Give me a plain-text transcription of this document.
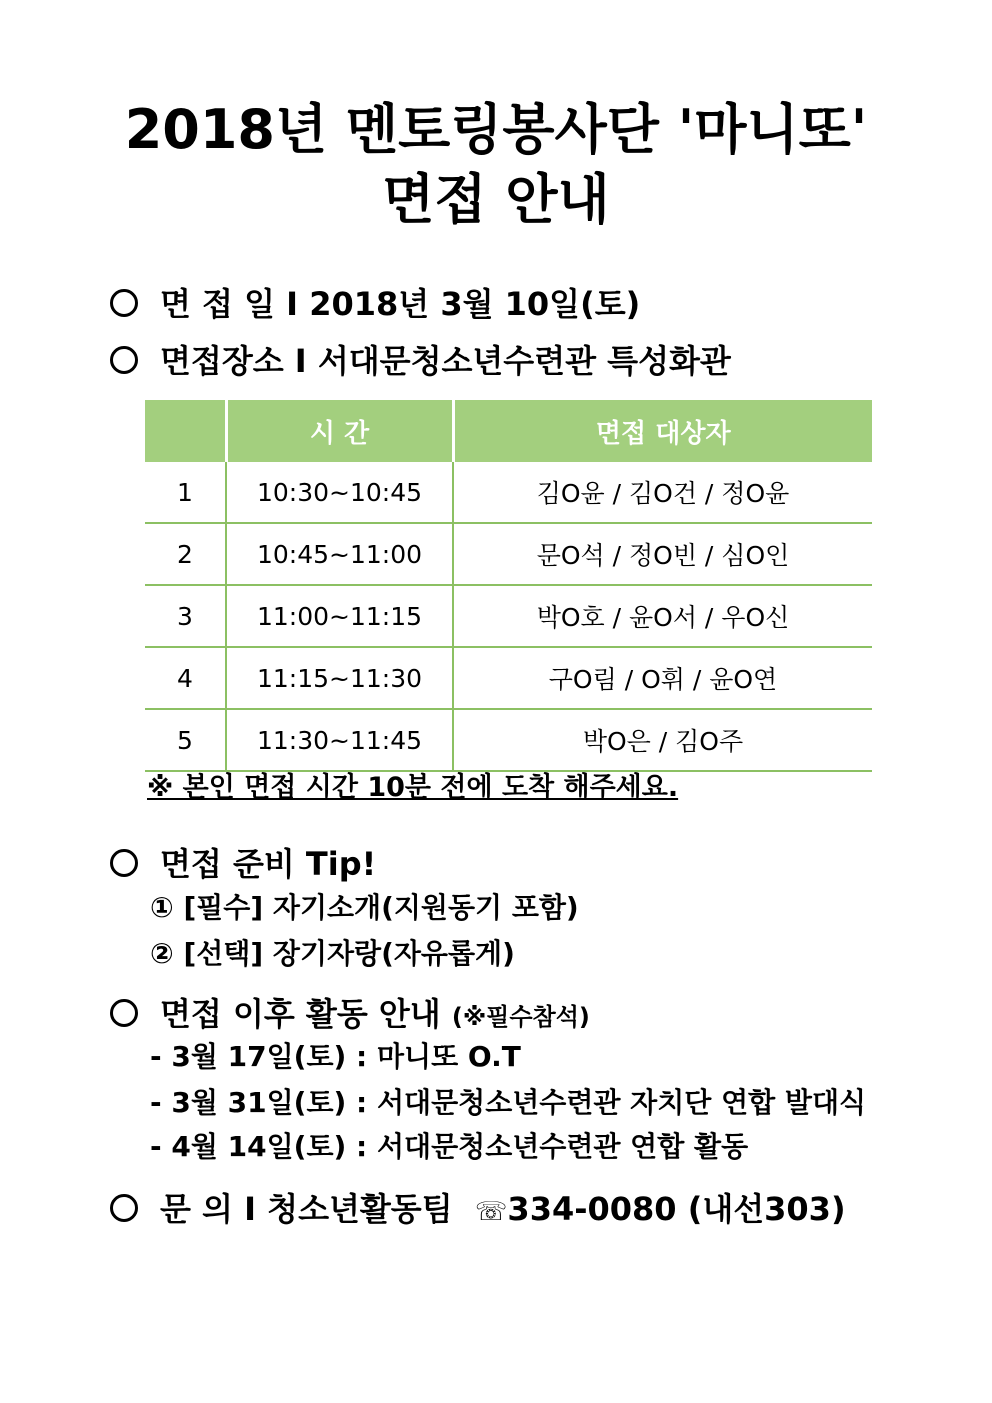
2018년 멘토링봉사단 '마니또'
면접 안내
면 접 일 I 2018년 3월 10일(토)
면접장소 I 서대문청소년수련관 특성화관
	시 간	면접 대상자
1	10:30~10:45	김O윤 / 김O건 / 정O윤
2	10:45~11:00	문O석 / 정O빈 / 심O인
3	11:00~11:15	박O호 / 윤O서 / 우O신
4	11:15~11:30	구O림 / O휘 / 윤O연
5	11:30~11:45	박O은 / 김O주
※ 본인 면접 시간 10분 전에 도착 해주세요.
면접 준비 Tip!
① [필수] 자기소개(지원동기 포함)
② [선택] 장기자랑(자유롭게)
면접 이후 활동 안내 (※필수참석)
- 3월 17일(토) : 마니또 O.T
- 3월 31일(토) : 서대문청소년수련관 자치단 연합 발대식
- 4월 14일(토) : 서대문청소년수련관 연합 활동
문 의 I 청소년활동팀 ☏334-0080 (내선303)
